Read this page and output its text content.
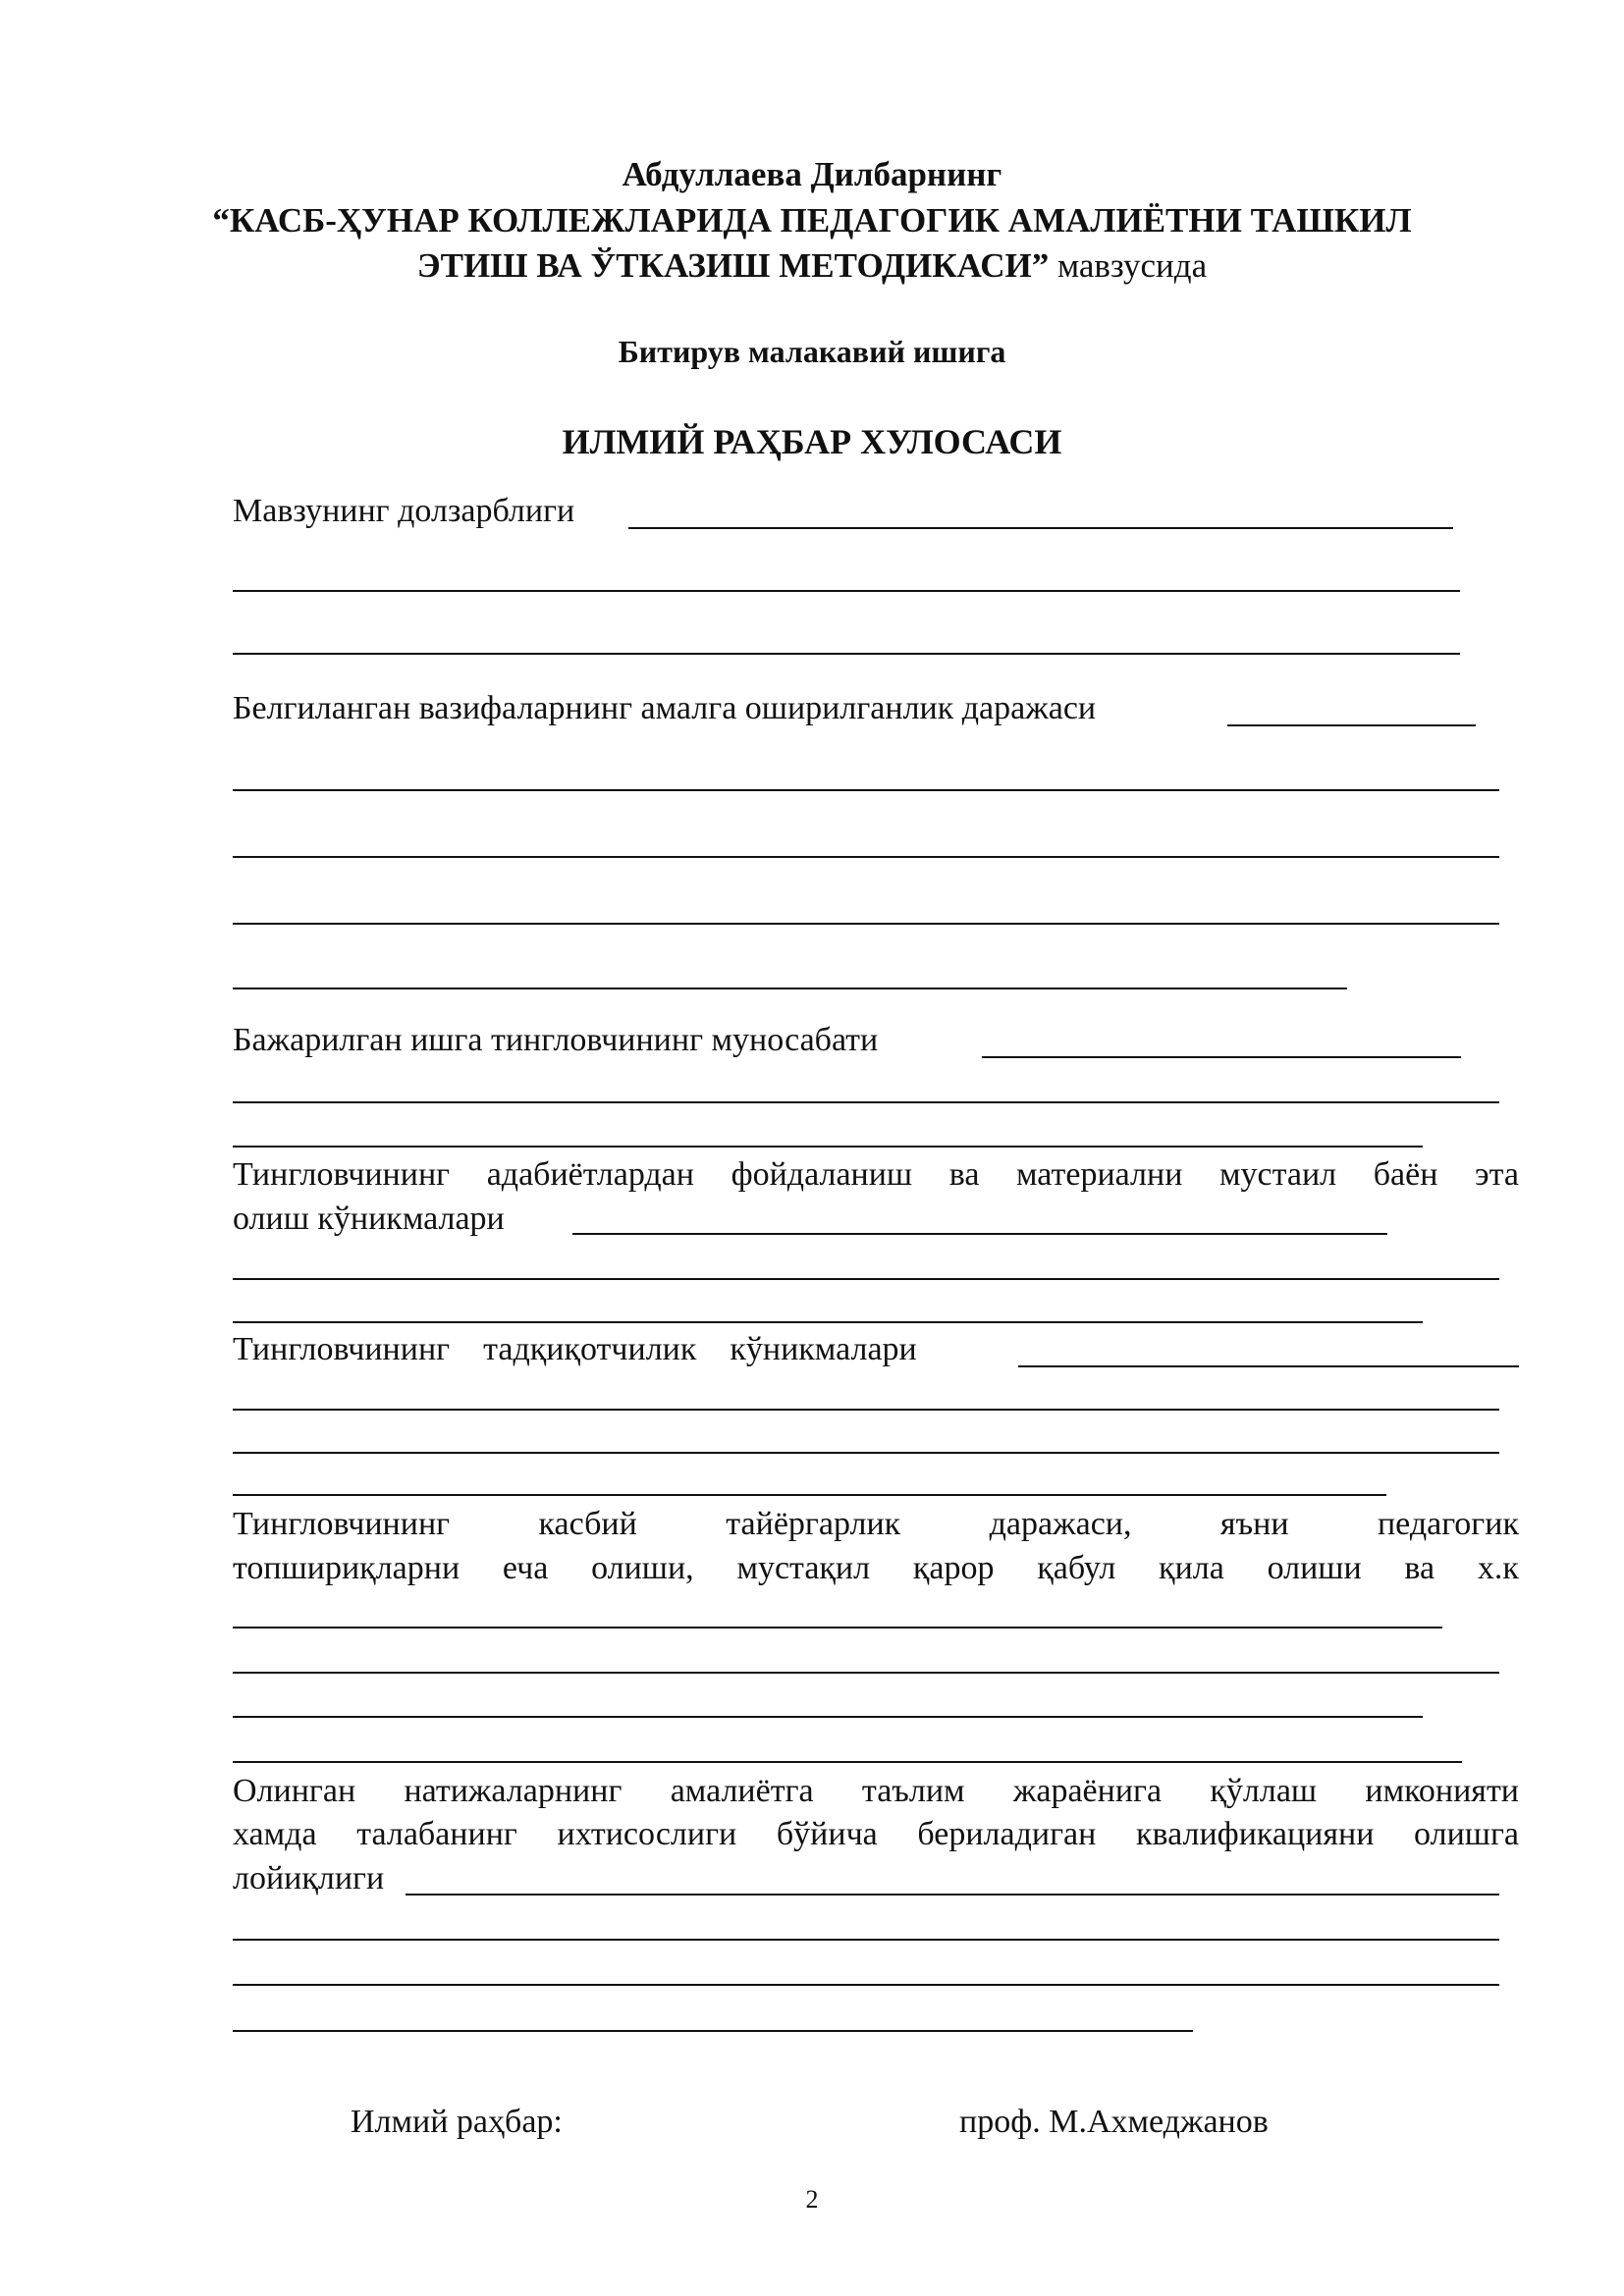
Абдуллаева Дилбарнинг
“КАСБ-ҲУНАР КОЛЛЕЖЛАРИДА ПЕДАГОГИК АМАЛИЁТНИ ТАШКИЛ
ЭТИШ ВА ЎТКАЗИШ МЕТОДИКАСИ” мавзусида
Битирув малакавий ишига
ИЛМИЙ РАҲБАР ХУЛОСАСИ
Мавзунинг долзарблиги
Белгиланган вазифаларнинг амалга оширилганлик даражаси
Бажарилган ишга тингловчининг муносабати
Тингловчининг адабиётлардан фойдаланиш ва материални мустаил баён эта
олиш кўникмалари
Тингловчининг тадқиқотчилик кўникмалари
Тингловчининг	касбий	тайёргарлик	даражаси,	яъни	педагогик
топшириқларни еча олиши, мустақил қарор қабул қила олиши ва х.к
Олинган натижаларнинг амалиётга таълим жараёнига қўллаш имконияти
хамда талабанинг ихтисослиги бўйича бериладиган квалификацияни олишга
лойиқлиги
Илмий раҳбар:	проф. М.Ахмеджанов
2
